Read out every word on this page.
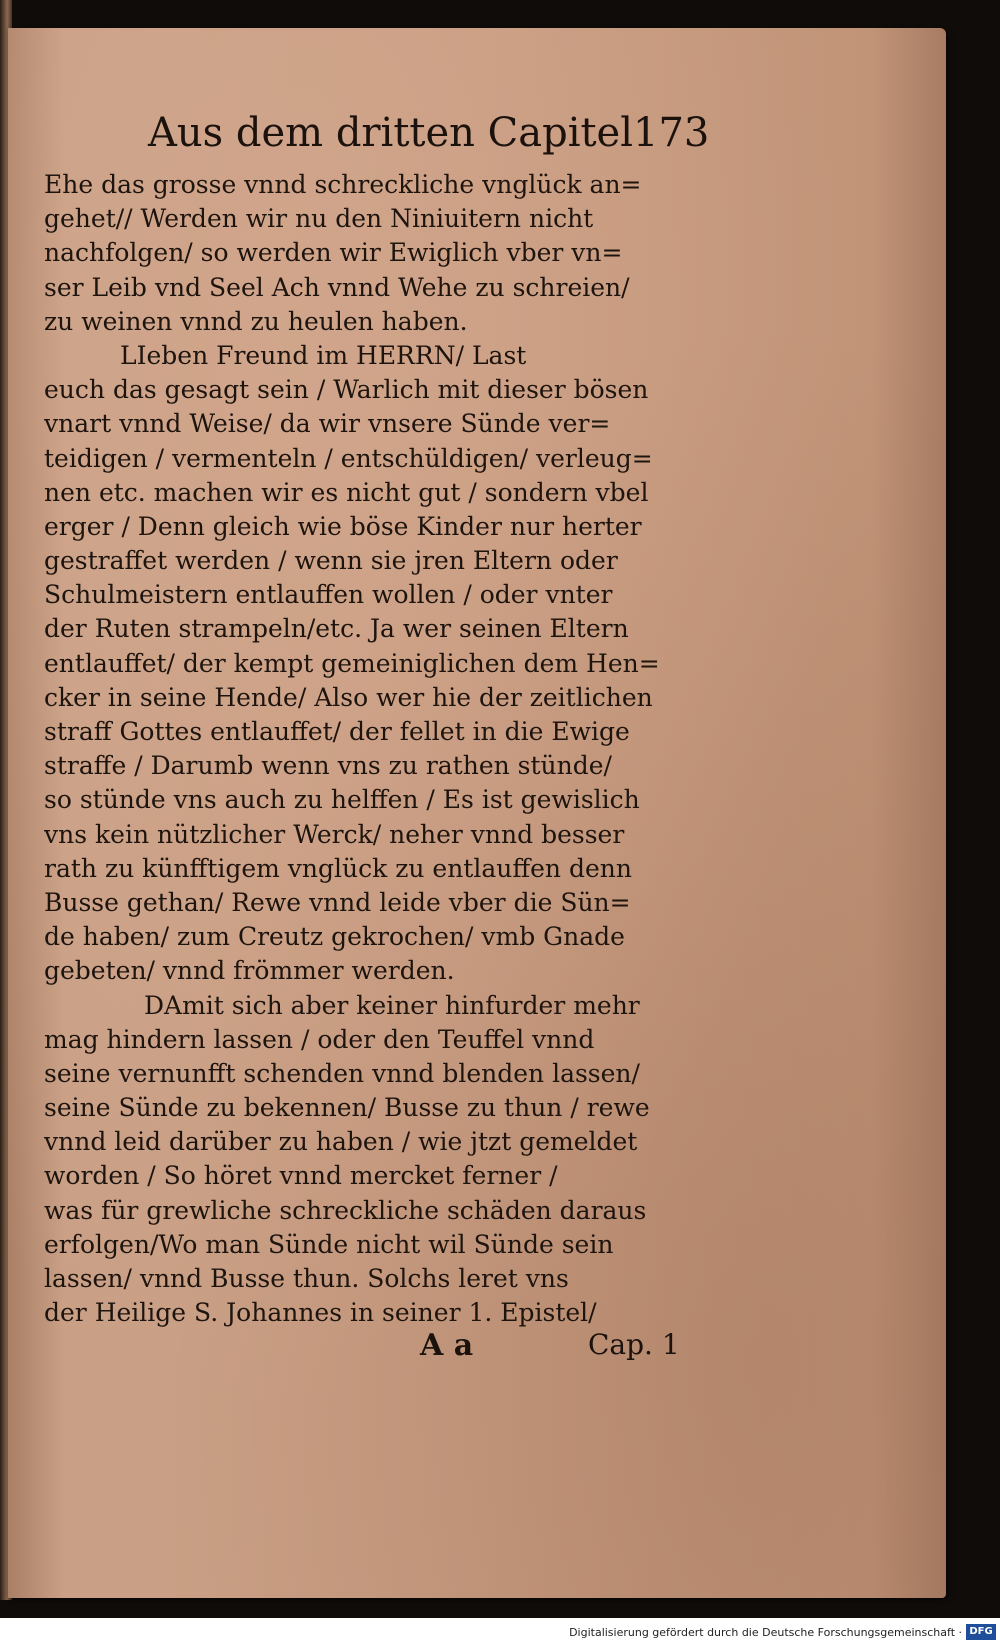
Aus dem dritten Capitel 173
Ehe das grosse vnnd schreckliche vnglück an=
gehet// Werden wir nu den Niniuitern nicht
nachfolgen/ so werden wir Ewiglich vber vn=
ser Leib vnd Seel Ach vnnd Wehe zu schreien/
zu weinen vnnd zu heulen haben.
LIeben Freund im HERRN/ Last
euch das gesagt sein / Warlich mit dieser bösen
vnart vnnd Weise/ da wir vnsere Sünde ver=
teidigen / vermenteln / entschüldigen/ verleug=
nen etc. machen wir es nicht gut / sondern vbel
erger / Denn gleich wie böse Kinder nur herter
gestraffet werden / wenn sie jren Eltern oder
Schulmeistern entlauffen wollen / oder vnter
der Ruten strampeln/etc. Ja wer seinen Eltern
entlauffet/ der kempt gemeiniglichen dem Hen=
cker in seine Hende/ Also wer hie der zeitlichen
straff Gottes entlauffet/ der fellet in die Ewige
straffe / Darumb wenn vns zu rathen stünde/
so stünde vns auch zu helffen / Es ist gewislich
vns kein nützlicher Werck/ neher vnnd besser
rath zu künfftigem vnglück zu entlauffen denn
Busse gethan/ Rewe vnnd leide vber die Sün=
de haben/ zum Creutz gekrochen/ vmb Gnade
gebeten/ vnnd frömmer werden.
DAmit sich aber keiner hinfurder mehr
mag hindern lassen / oder den Teuffel vnnd
seine vernunfft schenden vnnd blenden lassen/
seine Sünde zu bekennen/ Busse zu thun / rewe
vnnd leid darüber zu haben / wie jtzt gemeldet
worden / So höret vnnd mercket ferner /
was für grewliche schreckliche schäden daraus
erfolgen/Wo man Sünde nicht wil Sünde sein
lassen/ vnnd Busse thun. Solchs leret vns
der Heilige S. Johannes in seiner 1. Epistel/
A a	Cap. 1
Digitalisierung gefördert durch die Deutsche Forschungsgemeinschaft · DFG
